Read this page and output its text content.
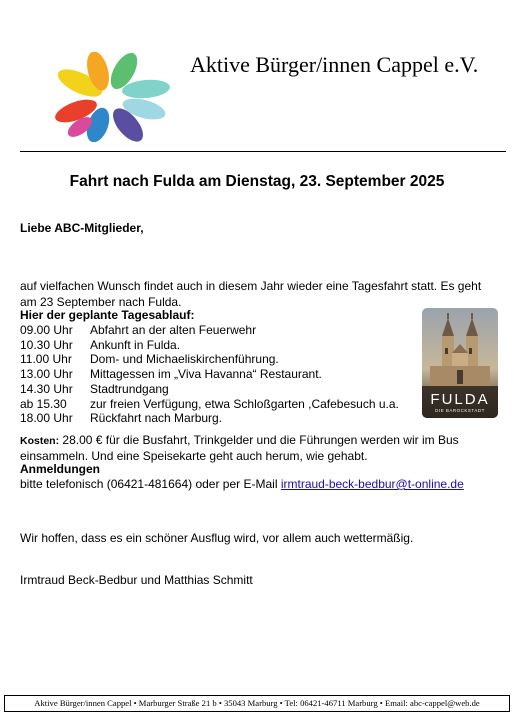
Aktive Bürger/innen Cappel e.V.
Fahrt nach Fulda am Dienstag, 23. September 2025
Liebe ABC-Mitglieder,
auf vielfachen Wunsch findet auch in diesem Jahr wieder eine Tagesfahrt statt. Es geht am 23 September nach Fulda.
Hier der geplante Tagesablauf:
09.00 Uhr	Abfahrt an der alten Feuerwehr
10.30 Uhr	Ankunft in Fulda.
11.00 Uhr	Dom- und Michaeliskirchenführung.
13.00 Uhr	Mittagessen im „Viva Havanna“ Restaurant.
14.30 Uhr	Stadtrundgang
ab 15.30	zur freien Verfügung, etwa Schloßgarten ,Cafebesuch u.a.
18.00 Uhr	Rückfahrt nach Marburg.
FULDA
DIE BAROCKSTADT
Kosten: 28.00 € für die Busfahrt, Trinkgelder und die Führungen werden wir im Bus einsammeln. Und eine Speisekarte geht auch herum, wie gehabt.
Anmeldungen
bitte telefonisch (06421-481664) oder per E-Mail irmtraud-beck-bedbur@t-online.de
Wir hoffen, dass es ein schöner Ausflug wird, vor allem auch wettermäßig.
Irmtraud Beck-Bedbur und Matthias Schmitt
Aktive Bürger/innen Cappel • Marburger Straße 21 b • 35043 Marburg • Tel: 06421-46711 Marburg • Email: abc-cappel@web.de
